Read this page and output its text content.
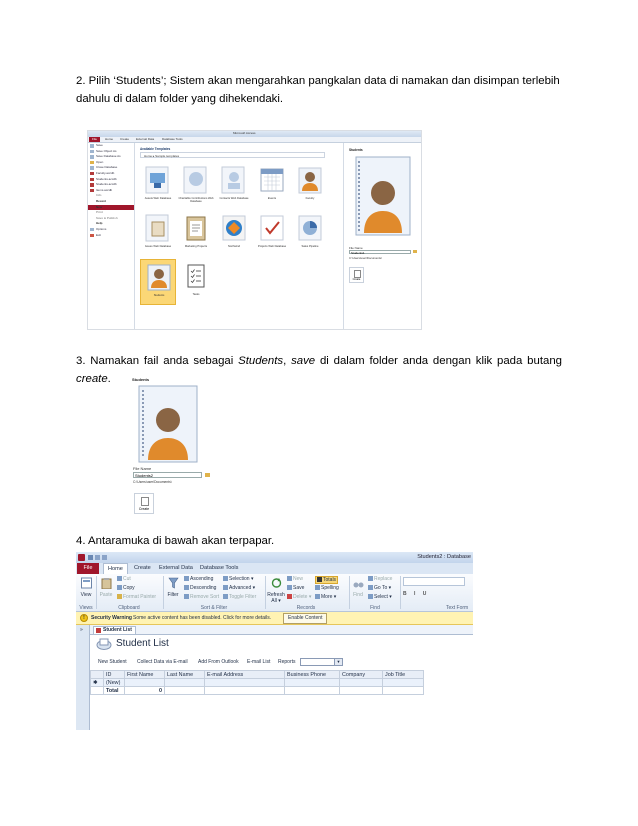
2. Pilih ‘Students’; Sistem akan mengarahkan pangkalan data di namakan dan disimpan terlebih dahulu di dalam folder yang dihekendaki.
Microsoft Access
File	Home Create External Data	Database Tools
Save
Save Object As
Save Database As
Open
Close Database
Faculty.accdb
Students.accdb
Students.accdb
Items.accdb
Info
Recent
New
Print
Save & Publish
Help
Options
Exit
Available Templates
Home ▸ Sample templates
Assets Web Database	Charitable Contributions Web Database
Contacts Web Database	Events	Faculty
Issues Web Database	Marketing Projects	Northwind	Projects Web Database	Sales Pipeline
Students	Tasks
Students
File Name
Students1
C:\Users\user\Documents\
Create
3. Namakan fail anda sebagai Students, save di dalam folder anda dengan klik pada butang
create.	Students
File Name
Students2
C:\Users\user\Documents\
Create
4. Antaramuka di bawah akan terpapar.
Students2 : Database
File	Home	Create External Data Database Tools
View
Views
Paste
Cut
Copy
Format Painter
Clipboard
Filter
Ascending
Descending
Remove Sort
Selection ▾
Advanced ▾
Toggle Filter
Sort & Filter
Refresh All ▾
New
Save
Delete ▾
Totals
Spelling
More ▾
Records
Find
Replace
Go To ▾
Select ▾
Find
B I U
Text Form
!	Security Warning Some active content has been disabled. Click for more details.	Enable Content
»	Student List
Student List
New Student Collect Data via E-mail Add From Outlook E-mail List Reports	▼
	ID	First Name	Last Name	E-mail Address	Business Phone	Company	Job Title
✱	(New)						
	Total	0					
